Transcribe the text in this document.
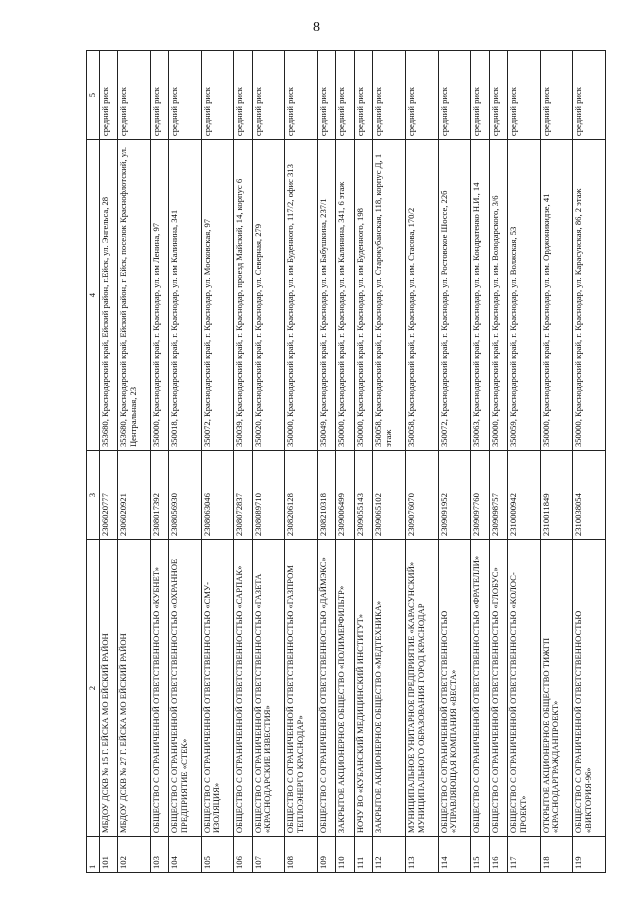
8
1	2	3	4	5
101	МБДОУ ДСКВ № 15 Г. ЕЙСКА МО ЕЙСКИЙ РАЙОН	2306020777	353680, Краснодарский край, Ейский район, г.Ейск, ул. Энгельса, 28	средний риск
102	МБДОУ ДСКВ № 27 Г. ЕЙСКА МО ЕЙСКИЙ РАЙОН	2306020921	353680, Краснодарский край, Ейский район, г Ейск, поселок Краснофлотский, ул. Центральная, 23	средний риск
103	ОБЩЕСТВО С ОГРАНИЧЕННОЙ ОТВЕТСТВЕННОСТЬЮ «КУБНЕТ»	2308017392	350000, Краснодарский край, г. Краснодар, ул. им Ленина, 97	средний риск
104	ОБЩЕСТВО С ОГРАНИЧЕННОЙ ОТВЕТСТВЕННОСТЬЮ «ОХРАННОЕ ПРЕДПРИЯТИЕ «СТЕК»	2308056930	350018, Краснодарский край, г. Краснодар, ул. им Калинина, 341	средний риск
105	ОБЩЕСТВО С ОГРАНИЧЕННОЙ ОТВЕТСТВЕННОСТЬЮ «СМУ-ИЗОЛЯЦИЯ»	2308063046	350072, Краснодарский край, г. Краснодар, ул. Московская, 97	средний риск
106	ОБЩЕСТВО С ОГРАНИЧЕННОЙ ОТВЕТСТВЕННОСТЬЮ «САРПАК»	2308072837	350039, Краснодарский край, г. Краснодар, проезд Майский, 14, корпус 6	средний риск
107	ОБЩЕСТВО С ОГРАНИЧЕННОЙ ОТВЕТСТВЕННОСТЬЮ «ГАЗЕТА «КРАСНОДАРСКИЕ ИЗВЕСТИЯ»	2308089710	350020, Краснодарский край, г. Краснодар, ул. Северная, 279	средний риск
108	ОБЩЕСТВО С ОГРАНИЧЕННОЙ ОТВЕТСТВЕННОСТЬЮ «ГАЗПРОМ ТЕПЛОЭНЕРГО КРАСНОДАР»	2308206128	350000, Краснодарский край, г. Краснодар, ул. им Буденного, 117/2, офис 313	средний риск
109	ОБЩЕСТВО С ОГРАНИЧЕННОЙ ОТВЕТСТВЕННОСТЬЮ «ДАЙМЭКС»	2308210318	350049, Краснодарский край, г. Краснодар, ул. им Бабушкина, 237/1	средний риск
110	ЗАКРЫТОЕ АКЦИОНЕРНОЕ ОБЩЕСТВО «ПОЛИМЕРФИЛЬТР»	2309006499	350000, Краснодарский край, г. Краснодар, ул. им Калинина, 341, 6 этаж	средний риск
111	НОЧУ ВО «КУБАНСКИЙ МЕДИЦИНСКИЙ ИНСТИТУТ»	2309055143	350000, Краснодарский край, г. Краснодар, ул. им Буденного, 198	средний риск
112	ЗАКРЫТОЕ АКЦИОНЕРНОЕ ОБЩЕСТВО «МЕДТЕХНИКА»	2309065102	350058, Краснодарский край, г. Краснодар, ул. Старокубанская, 118, корпус Д, 1 этаж	средний риск
113	МУНИЦИПАЛЬНОЕ УНИТАРНОЕ ПРЕДПРИЯТИЕ «КАРАСУНСКИЙ» МУНИЦИПАЛЬНОГО ОБРАЗОВАНИЯ ГОРОД КРАСНОДАР	2309076070	350058, Краснодарский край, г. Краснодар, ул. им. Стасова, 170/2	средний риск
114	ОБЩЕСТВО С ОГРАНИЧЕННОЙ ОТВЕТСТВЕННОСТЬЮ «УПРАВЛЯЮЩАЯ КОМПАНИЯ «ВЕСТА»	2309091952	350072, Краснодарский край, г. Краснодар, ул. Ростовское Шоссе, 22б	средний риск
115	ОБЩЕСТВО С ОГРАНИЧЕННОЙ ОТВЕТСТВЕННОСТЬЮ «ФРАТЕЛЛИ»	2309097760	350063, Краснодарский край, г. Краснодар, ул. им. Кондратенко Н.И., 14	средний риск
116	ОБЩЕСТВО С ОГРАНИЧЕННОЙ ОТВЕТСТВЕННОСТЬЮ «ГЛОБУС»	2309098757	350000, Краснодарский край, г. Краснодар, ул. им. Володарского, 3/6	средний риск
117	ОБЩЕСТВО С ОГРАНИЧЕННОЙ ОТВЕТСТВЕННОСТЬЮ «КОЛОС-ПРОЕКТ»	2310000942	350059, Краснодарский край, г. Краснодар, ул. Волжская, 53	средний риск
118	ОТКРЫТОЕ АКЦИОНЕРНОЕ ОБЩЕСТВО ТИЖГП «КРАСНОДАРГРАЖДАНПРОЕКТ»	2310011849	350000, Краснодарский край, г. Краснодар, ул. им. Орджоникидзе, 41	средний риск
119	ОБЩЕСТВО С ОГРАНИЧЕННОЙ ОТВЕТСТВЕННОСТЬЮ «ВИКТОРИЯ-96»	2310038054	350000, Краснодарский край, г. Краснодар, ул. Карасунская, 86, 2 этаж	средний риск
